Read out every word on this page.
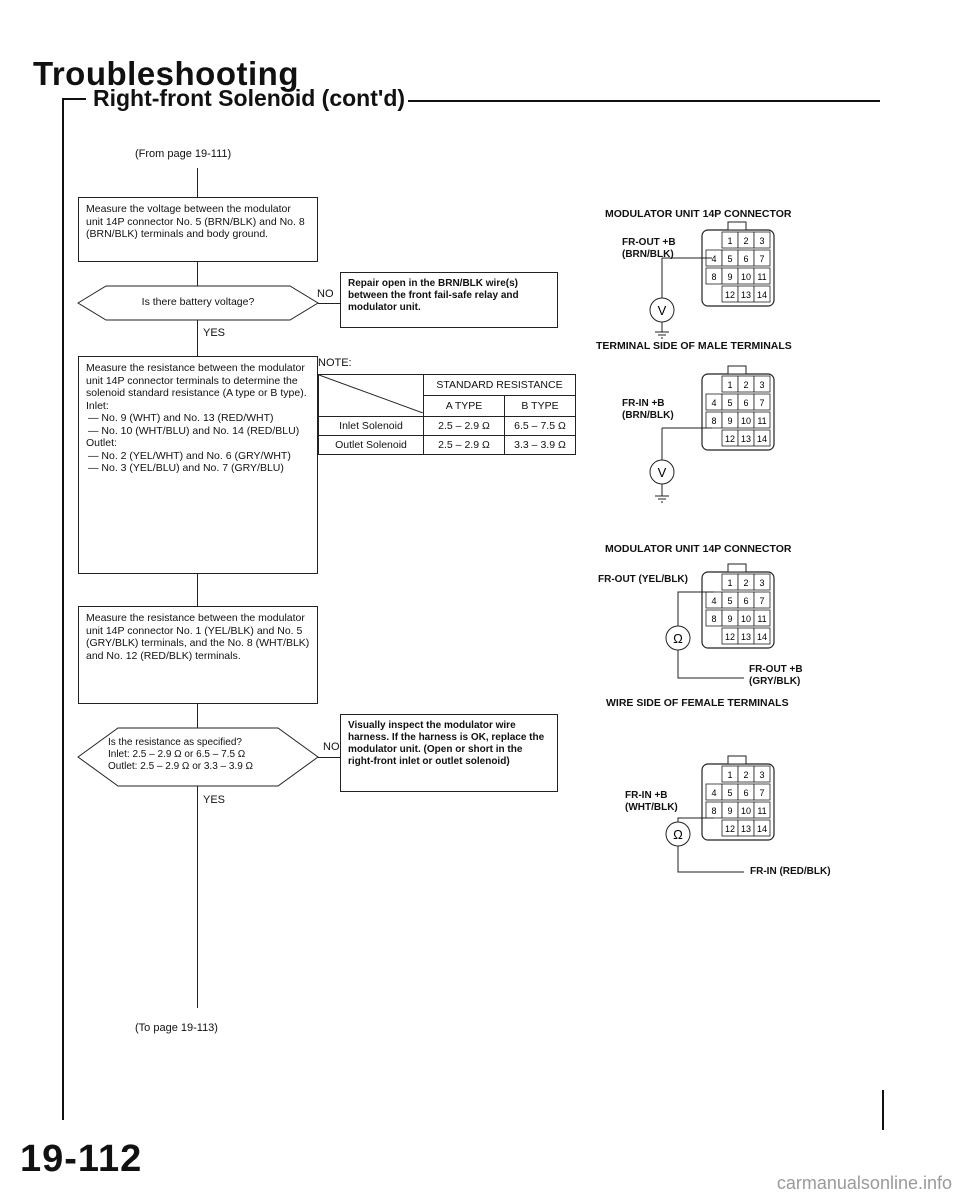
Troubleshooting
Right-front Solenoid (cont'd)
(From page 19-111)
Measure the voltage between the modulator unit 14P connector No. 5 (BRN/BLK) and No. 8 (BRN/BLK) terminals and body ground.
Is there battery voltage?
NO
Repair open in the BRN/BLK wire(s) between the front fail-safe relay and modulator unit.
YES
Measure the resistance between the modulator unit 14P connector terminals to determine the solenoid standard resistance (A type or B type).
Inlet:
— No. 9 (WHT) and No. 13 (RED/WHT)
— No. 10 (WHT/BLU) and No. 14 (RED/BLU)
Outlet:
— No. 2 (YEL/WHT) and No. 6 (GRY/WHT)
— No. 3 (YEL/BLU) and No. 7 (GRY/BLU)
Measure the resistance between the modulator unit 14P connector No. 1 (YEL/BLK) and No. 5 (GRY/BLK) terminals, and the No. 8 (WHT/BLK) and No. 12 (RED/BLK) terminals.
Is the resistance as specified?
Inlet: 2.5 – 2.9 Ω or 6.5 – 7.5 Ω
Outlet: 2.5 – 2.9 Ω or 3.3 – 3.9 Ω
NO
Visually inspect the modulator wire harness. If the harness is OK, replace the modulator unit. (Open or short in the right-front inlet or outlet solenoid)
YES
(To page 19-113)
NOTE:
	STANDARD RESISTANCE	
	A TYPE	B TYPE
Inlet Solenoid	2.5 – 2.9 Ω	6.5 – 7.5 Ω
Outlet Solenoid	2.5 – 2.9 Ω	3.3 – 3.9 Ω
MODULATOR UNIT 14P CONNECTOR
FR-OUT +B
(BRN/BLK)
1 2 3
4 5 6 7
8 9 10 11
12 13 14
V
TERMINAL SIDE OF MALE TERMINALS
FR-IN +B
(BRN/BLK)
1 2 3
4 5 6 7
8 9 10 11
12 13 14
V
MODULATOR UNIT 14P CONNECTOR
FR-OUT (YEL/BLK)	1 2 3
4 5 6 7
8 9 10 11
12 13 14
Ω
FR-OUT +B
(GRY/BLK)
WIRE SIDE OF FEMALE TERMINALS
FR-IN +B
(WHT/BLK)
1 2 3
4 5 6 7
8 9 10 11
12 13 14
Ω
FR-IN (RED/BLK)
19-112
carmanualsonline.info
